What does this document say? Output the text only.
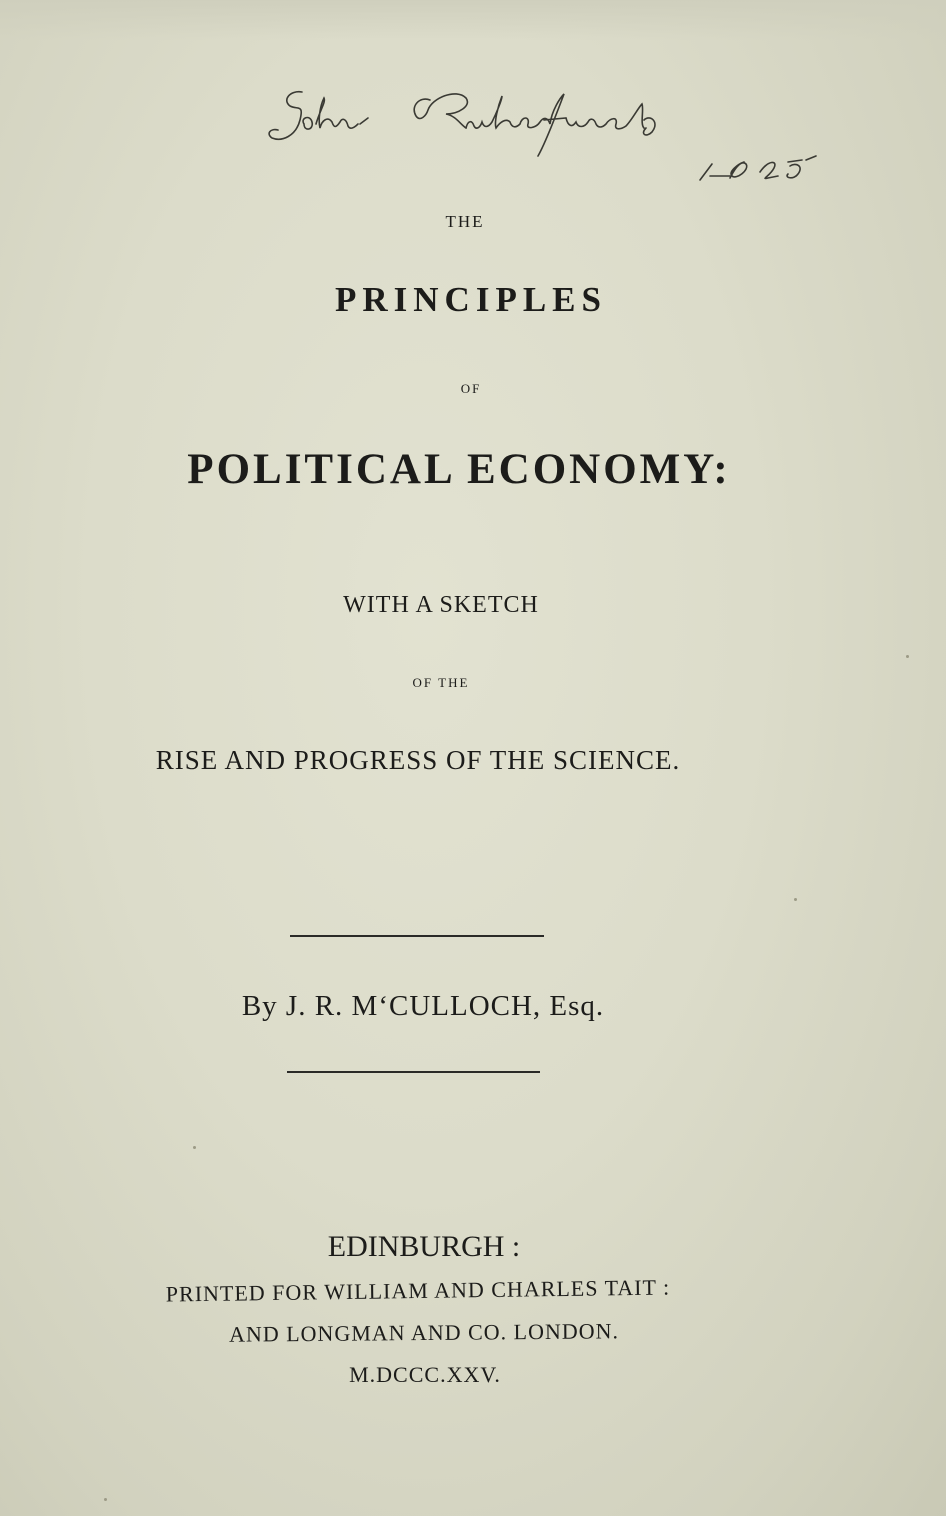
THE
PRINCIPLES
OF
POLITICAL ECONOMY:
WITH A SKETCH
OF THE
RISE AND PROGRESS OF THE SCIENCE.
By J. R. M‘CULLOCH, Esq.
EDINBURGH :
PRINTED FOR WILLIAM AND CHARLES TAIT :
AND LONGMAN AND CO. LONDON.
M.DCCC.XXV.
